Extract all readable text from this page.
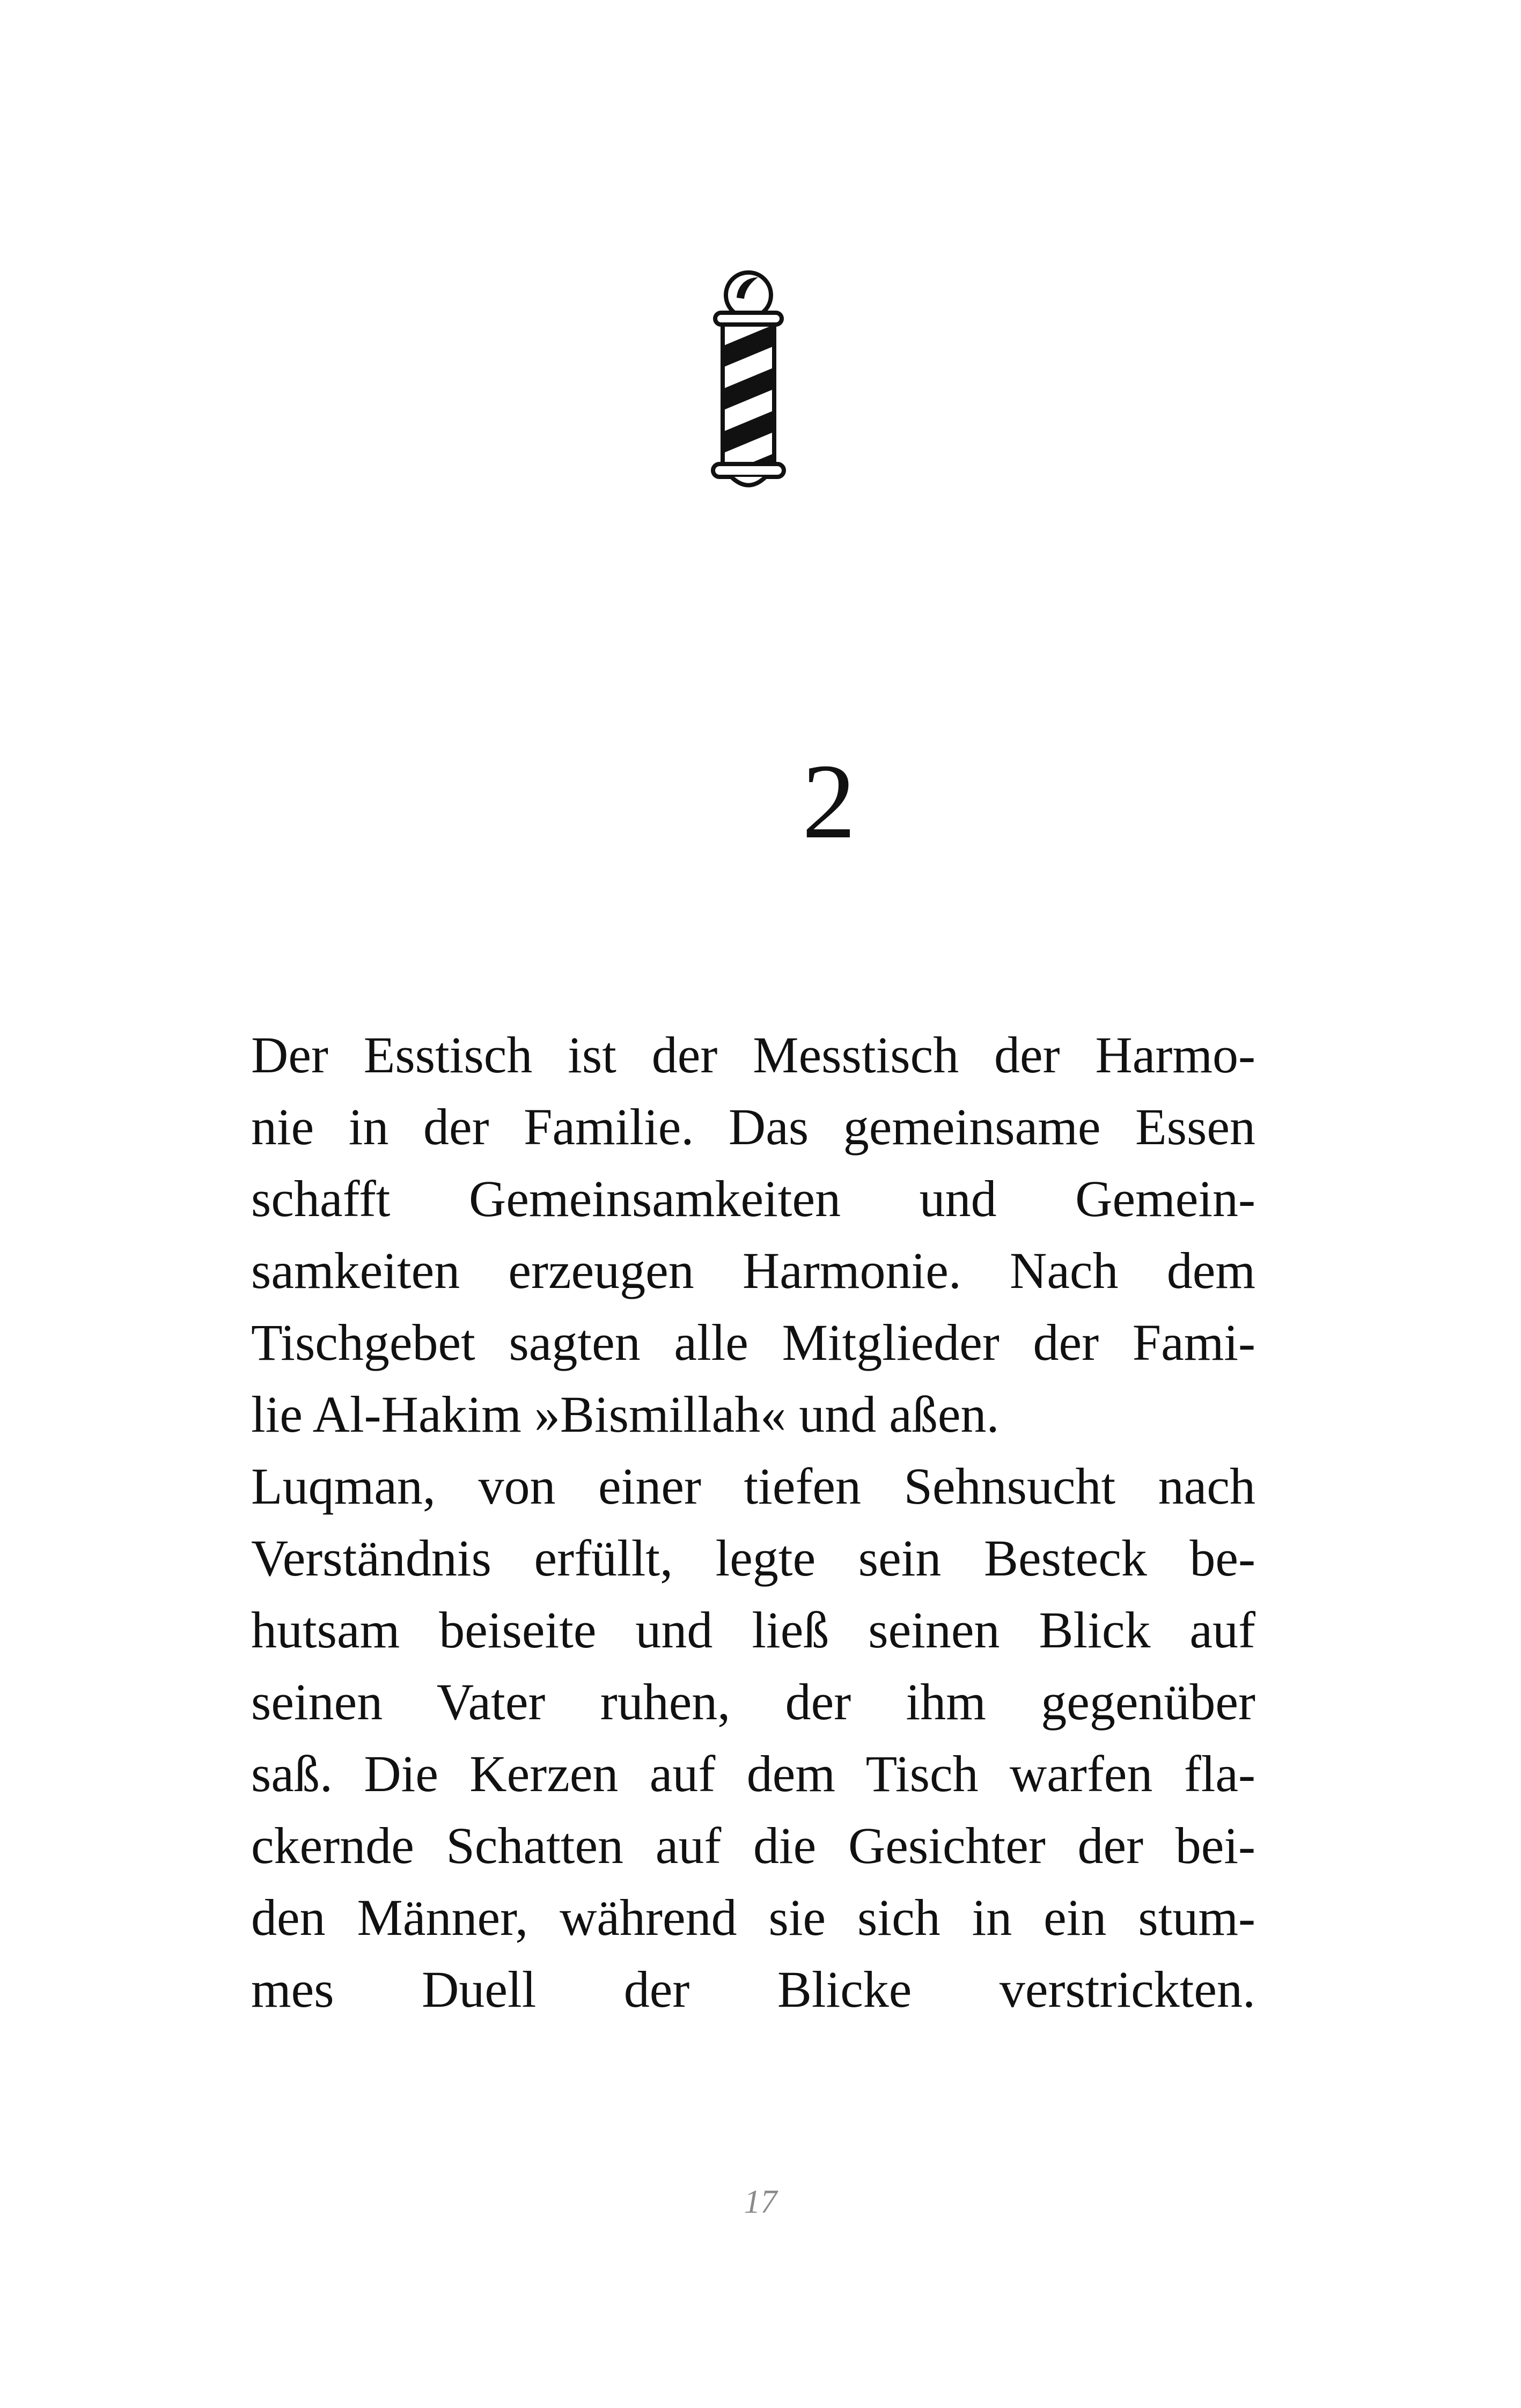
2
Der Esstisch ist der Messtisch der Harmo-
nie in der Familie. Das gemeinsame Essen
schafft Gemeinsamkeiten und Gemein-
samkeiten erzeugen Harmonie. Nach dem
Tischgebet sagten alle Mitglieder der Fami-
lie Al-Hakim »Bismillah« und aßen.
Luqman, von einer tiefen Sehnsucht nach
Verständnis erfüllt, legte sein Besteck be-
hutsam beiseite und ließ seinen Blick auf
seinen Vater ruhen, der ihm gegenüber
saß. Die Kerzen auf dem Tisch warfen fla-
ckernde Schatten auf die Gesichter der bei-
den Männer, während sie sich in ein stum-
mes Duell der Blicke verstrickten.

17
